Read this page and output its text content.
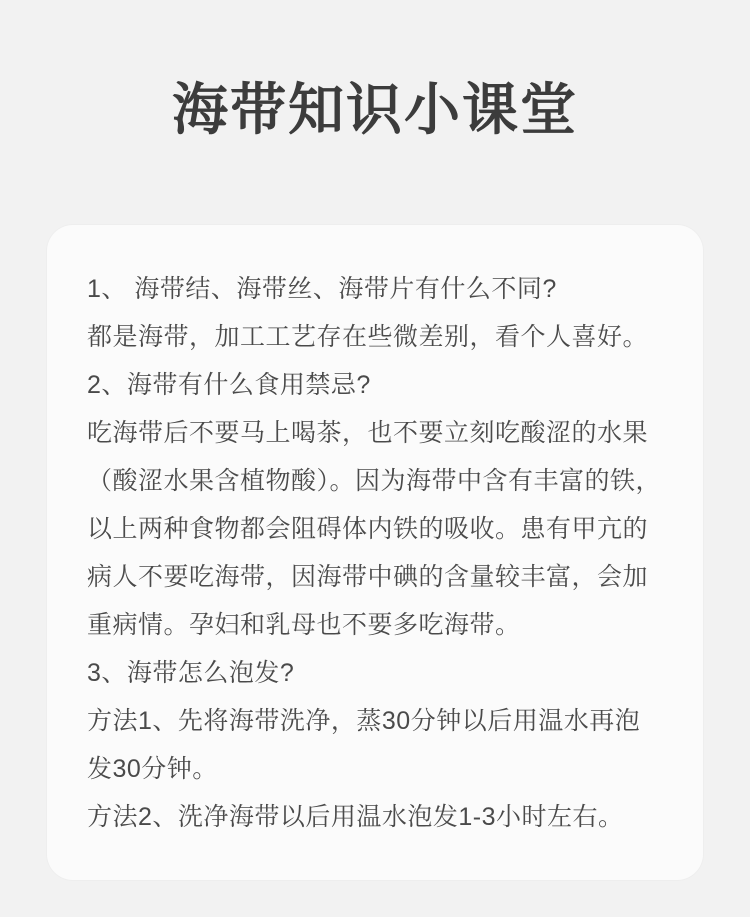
海带知识小课堂

1、 海带结、海带丝、海带片有什么不同?

都是海带，加工工艺存在些微差别，看个人喜好。

2、海带有什么食用禁忌?

吃海带后不要马上喝茶，也不要立刻吃酸涩的水果（酸涩水果含植物酸）。因为海带中含有丰富的铁，以上两种食物都会阻碍体内铁的吸收。患有甲亢的病人不要吃海带，因海带中碘的含量较丰富，会加重病情。孕妇和乳母也不要多吃海带。

3、海带怎么泡发?

方法1、先将海带洗净，蒸30分钟以后用温水再泡发30分钟。

方法2、洗净海带以后用温水泡发1-3小时左右。
